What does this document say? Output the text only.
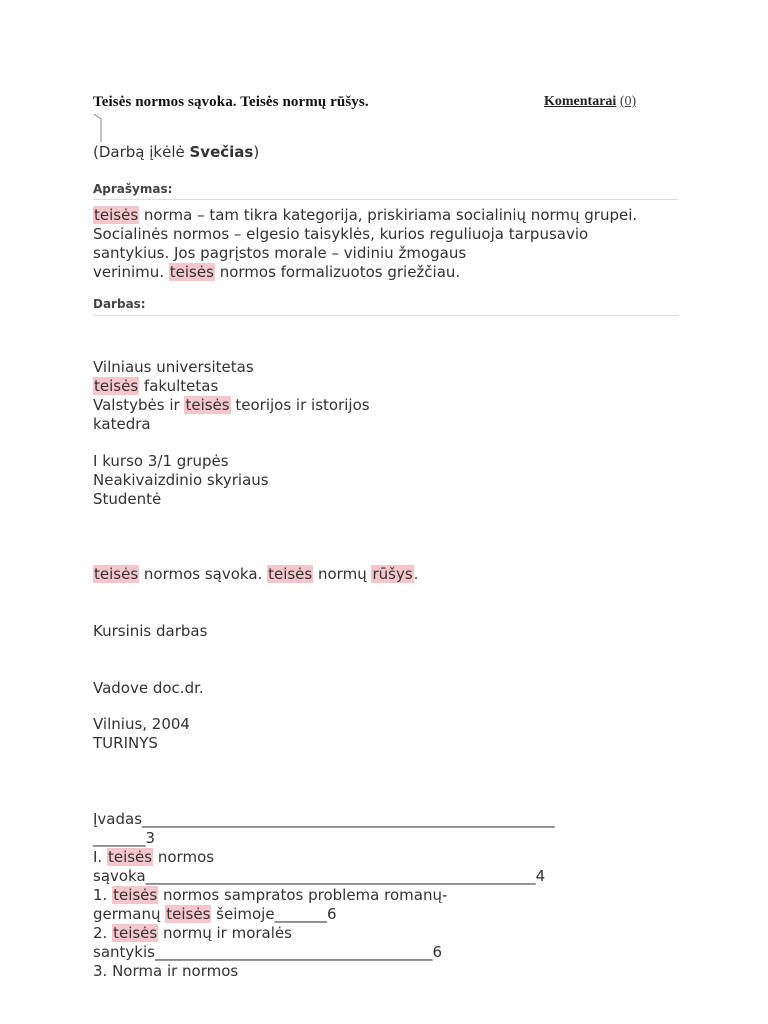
Teisės normos sąvoka. Teisės normų rūšys.	Komentarai (0)
(Darbą įkėlė Svečias)
Aprašymas:
teisės norma – tam tikra kategorija, priskiriama socialinių normų grupei.
Socialinės normos – elgesio taisyklės, kurios reguliuoja tarpusavio
santykius. Jos pagrįstos morale – vidiniu žmogaus
verinimu. teisės normos formalizuotos griežčiau.
Darbas:
Vilniaus universitetas
teisės fakultetas
Valstybės ir teisės teorijos ir istorijos
katedra
I kurso 3/1 grupės
Neakivaizdinio skyriaus
Studentė
teisės normos sąvoka. teisės normų rūšys.
Kursinis darbas
Vadove doc.dr.
Vilnius, 2004
TURINYS
Įvadas_______________________________________________________
_______3
I. teisės normos
sąvoka____________________________________________________4
1. teisės normos sampratos problema romanų-
germanų teisės šeimoje_______6
2. teisės normų ir moralės
santykis_____________________________________6
3. Norma ir normos
